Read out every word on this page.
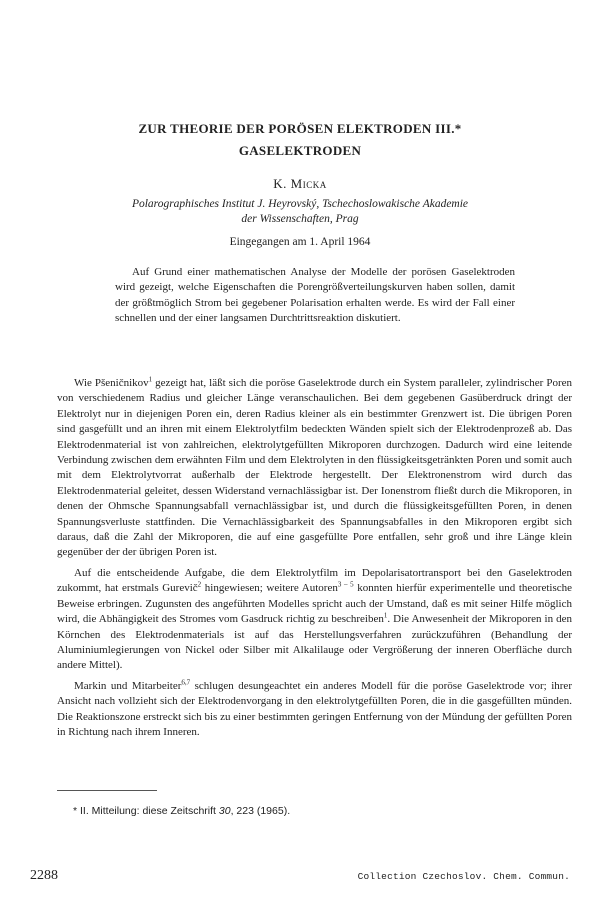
ZUR THEORIE DER PORÖSEN ELEKTRODEN III.*
GASELEKTRODEN
K. Micka
Polarographisches Institut J. Heyrovský, Tschechoslowakische Akademie
der Wissenschaften, Prag
Eingegangen am 1. April 1964

Auf Grund einer mathematischen Analyse der Modelle der porösen Gaselektroden wird gezeigt, welche Eigenschaften die Porengrößverteilungskurven haben sollen, damit der größtmöglich Strom bei gegebener Polarisation erhalten werde. Es wird der Fall einer schnellen und der einer langsamen Durchtrittsreaktion diskutiert.

Wie Pšeničnikov$^1$ gezeigt hat, läßt sich die poröse Gaselektrode durch ein System paralleler, zylindrischer Poren von verschiedenem Radius und gleicher Länge veranschaulichen. Bei dem gegebenen Gasüberdruck dringt der Elektrolyt nur in diejenigen Poren ein, deren Radius kleiner als ein bestimmter Grenzwert ist. Die übrigen Poren sind gasgefüllt und an ihren mit einem Elektrolytfilm bedeckten Wänden spielt sich der Elektrodenprozeß ab. Das Elektrodenmaterial ist von zahlreichen, elektrolytgefüllten Mikroporen durchzogen. Dadurch wird eine leitende Verbindung zwischen dem erwähnten Film und dem Elektrolyten in den flüssigkeitsgetränkten Poren und somit auch mit dem Elektrolytvorrat außerhalb der Elektrode hergestellt. Der Elektronenstrom wird durch das Elektrodenmaterial geleitet, dessen Widerstand vernachlässigbar ist. Der Ionenstrom fließt durch die Mikroporen, in denen der Ohmsche Spannungsabfall vernachlässigbar ist, und durch die flüssigkeitsgefüllten Poren, in denen Spannungsverluste stattfinden. Die Vernachlässigbarkeit des Spannungsabfalles in den Mikroporen ergibt sich daraus, daß die Zahl der Mikroporen, die auf eine gasgefüllte Pore entfallen, sehr groß und ihre Länge klein gegenüber der der übrigen Poren ist.

Auf die entscheidende Aufgabe, die dem Elektrolytfilm im Depolarisatortransport bei den Gaselektroden zukommt, hat erstmals Gurevič$^2$ hingewiesen; weitere Autoren$^{3 - 5}$ konnten hierfür experimentelle und theoretische Beweise erbringen. Zugunsten des angeführten Modelles spricht auch der Umstand, daß es mit seiner Hilfe möglich wird, die Abhängigkeit des Stromes vom Gasdruck richtig zu beschreiben$^1$. Die Anwesenheit der Mikroporen in den Körnchen des Elektrodenmaterials ist auf das Herstellungsverfahren zurückzuführen (Behandlung der Aluminiumlegierungen von Nickel oder Silber mit Alkalilauge oder Vergrößerung der inneren Oberfläche durch andere Mittel).

Markin und Mitarbeiter$^{6,7}$ schlugen desungeachtet ein anderes Modell für die poröse Gaselektrode vor; ihrer Ansicht nach vollzieht sich der Elektrodenvorgang in den elektrolytgefüllten Poren, die in die gasgefüllten münden. Die Reaktionszone erstreckt sich bis zu einer bestimmten geringen Entfernung von der Mündung der gefüllten Poren in Richtung nach ihrem Inneren.

* II. Mitteilung: diese Zeitschrift 30, 223 (1965).
2288	Collection Czechoslov. Chem. Commun.
